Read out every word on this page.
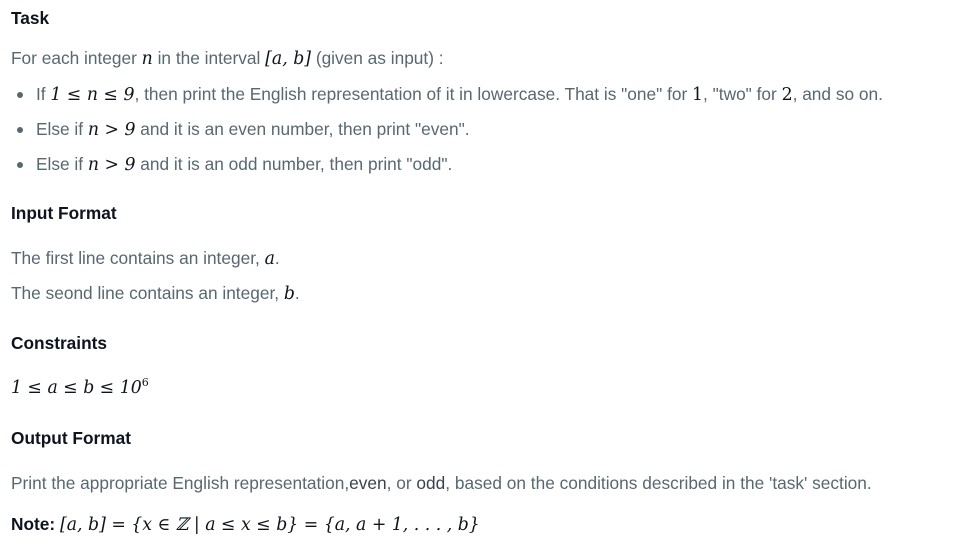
Task
For each integer n in the interval [a, b] (given as input) :
If 1 ≤ n ≤ 9, then print the English representation of it in lowercase. That is "one" for 1, "two" for 2, and so on.
Else if n > 9 and it is an even number, then print "even".
Else if n > 9 and it is an odd number, then print "odd".
Input Format
The first line contains an integer, a.
The seond line contains an integer, b.
Constraints
$1 \le a \le b \le 10^6$
Output Format
Print the appropriate English representation,even, or odd, based on the conditions described in the 'task' section.
Note: [a, b] = {x ∈ ℤ | a ≤ x ≤ b} = {a, a + 1, . . . , b}
